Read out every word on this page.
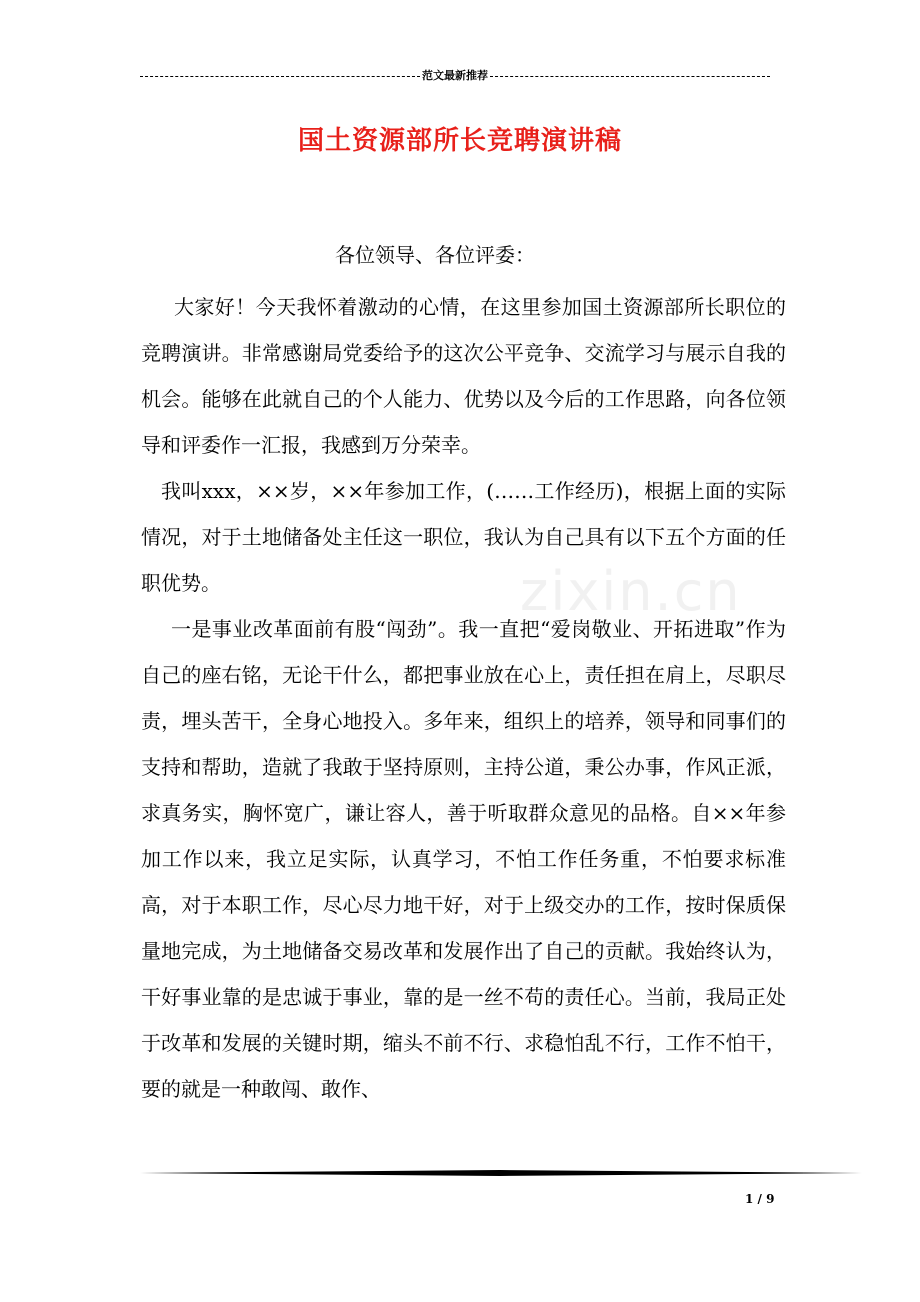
范文最新推荐
国土资源部所长竞聘演讲稿
zixin.cn
各位领导、各位评委：

大家好！今天我怀着激动的心情，在这里参加国土资源部所长职位的竞聘演讲。非常感谢局党委给予的这次公平竞争、交流学习与展示自我的机会。能够在此就自己的个人能力、优势以及今后的工作思路，向各位领导和评委作一汇报，我感到万分荣幸。

我叫xxx，××岁，××年参加工作，(……工作经历)，根据上面的实际情况，对于土地储备处主任这一职位，我认为自己具有以下五个方面的任职优势。

一是事业改革面前有股“闯劲”。我一直把“爱岗敬业、开拓进取”作为自己的座右铭，无论干什么，都把事业放在心上，责任担在肩上，尽职尽责，埋头苦干，全身心地投入。多年来，组织上的培养，领导和同事们的支持和帮助，造就了我敢于坚持原则，主持公道，秉公办事，作风正派，求真务实，胸怀宽广，谦让容人，善于听取群众意见的品格。自××年参加工作以来，我立足实际，认真学习，不怕工作任务重，不怕要求标准高，对于本职工作，尽心尽力地干好，对于上级交办的工作，按时保质保量地完成，为土地储备交易改革和发展作出了自己的贡献。我始终认为，干好事业靠的是忠诚于事业，靠的是一丝不苟的责任心。当前，我局正处于改革和发展的关键时期，缩头不前不行、求稳怕乱不行，工作不怕干，要的就是一种敢闯、敢作、

1 / 9
